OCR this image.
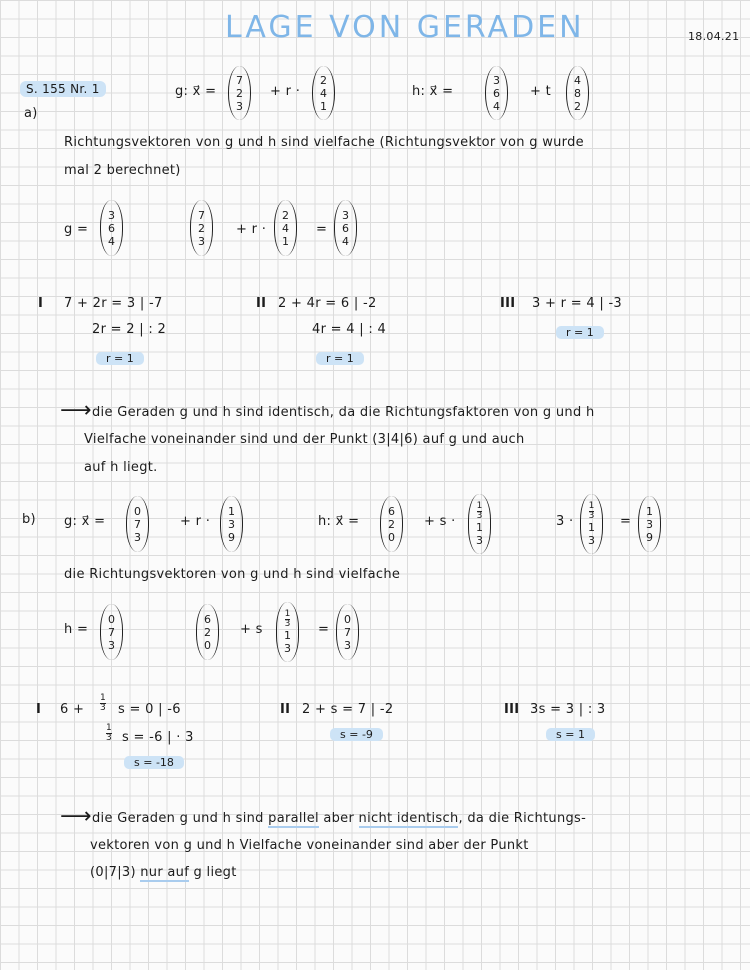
LAGE VON GERADEN	18.04.21
S. 155 Nr. 1
a)
g: x⃗ =
7
2
3
+ r ·
2
4
1
h: x⃗ =
3
6
4
+ t
4
8
2
Richtungsvektoren von g und h sind vielfache (Richtungsvektor von g wurde
mal 2 berechnet)
g =
3
6
4
7
2
3
+ r ·
2
4
1
=
3
6
4
I 7 + 2r = 3 | -7
2r = 2 | : 2
r = 1
II 2 + 4r = 6 | -2
4r = 4 | : 4
r = 1
III 3 + r = 4 | -3
r = 1
⟶ die Geraden g und h sind identisch, da die Richtungsfaktoren von g und h
Vielfache voneinander sind und der Punkt (3|4|6) auf g und auch
auf h liegt.
b) g: x⃗ =
0
7
3
+ r ·
1
3
9
h: x⃗ =
6
2
0
+ s ·
$\frac{1}{3}$
1
3
3 ·
$\frac{1}{3}$
1
3
=
1
3
9
die Richtungsvektoren von g und h sind vielfache
h =
0
7
3
6
2
0
+ s
$\frac{1}{3}$
1
3
=
0
7
3
I $6 + \frac{1}{3}$ s = 0 | -6
$\frac{1}{3}$ s = -6 | · 3
s = -18
II 2 + s = 7 | -2
s = -9
III 3s = 3 | : 3
s = 1
⟶ die Geraden g und h sind parallel aber nicht identisch, da die Richtungs-
vektoren von g und h Vielfache voneinander sind aber der Punkt
(0|7|3) nur auf g liegt
